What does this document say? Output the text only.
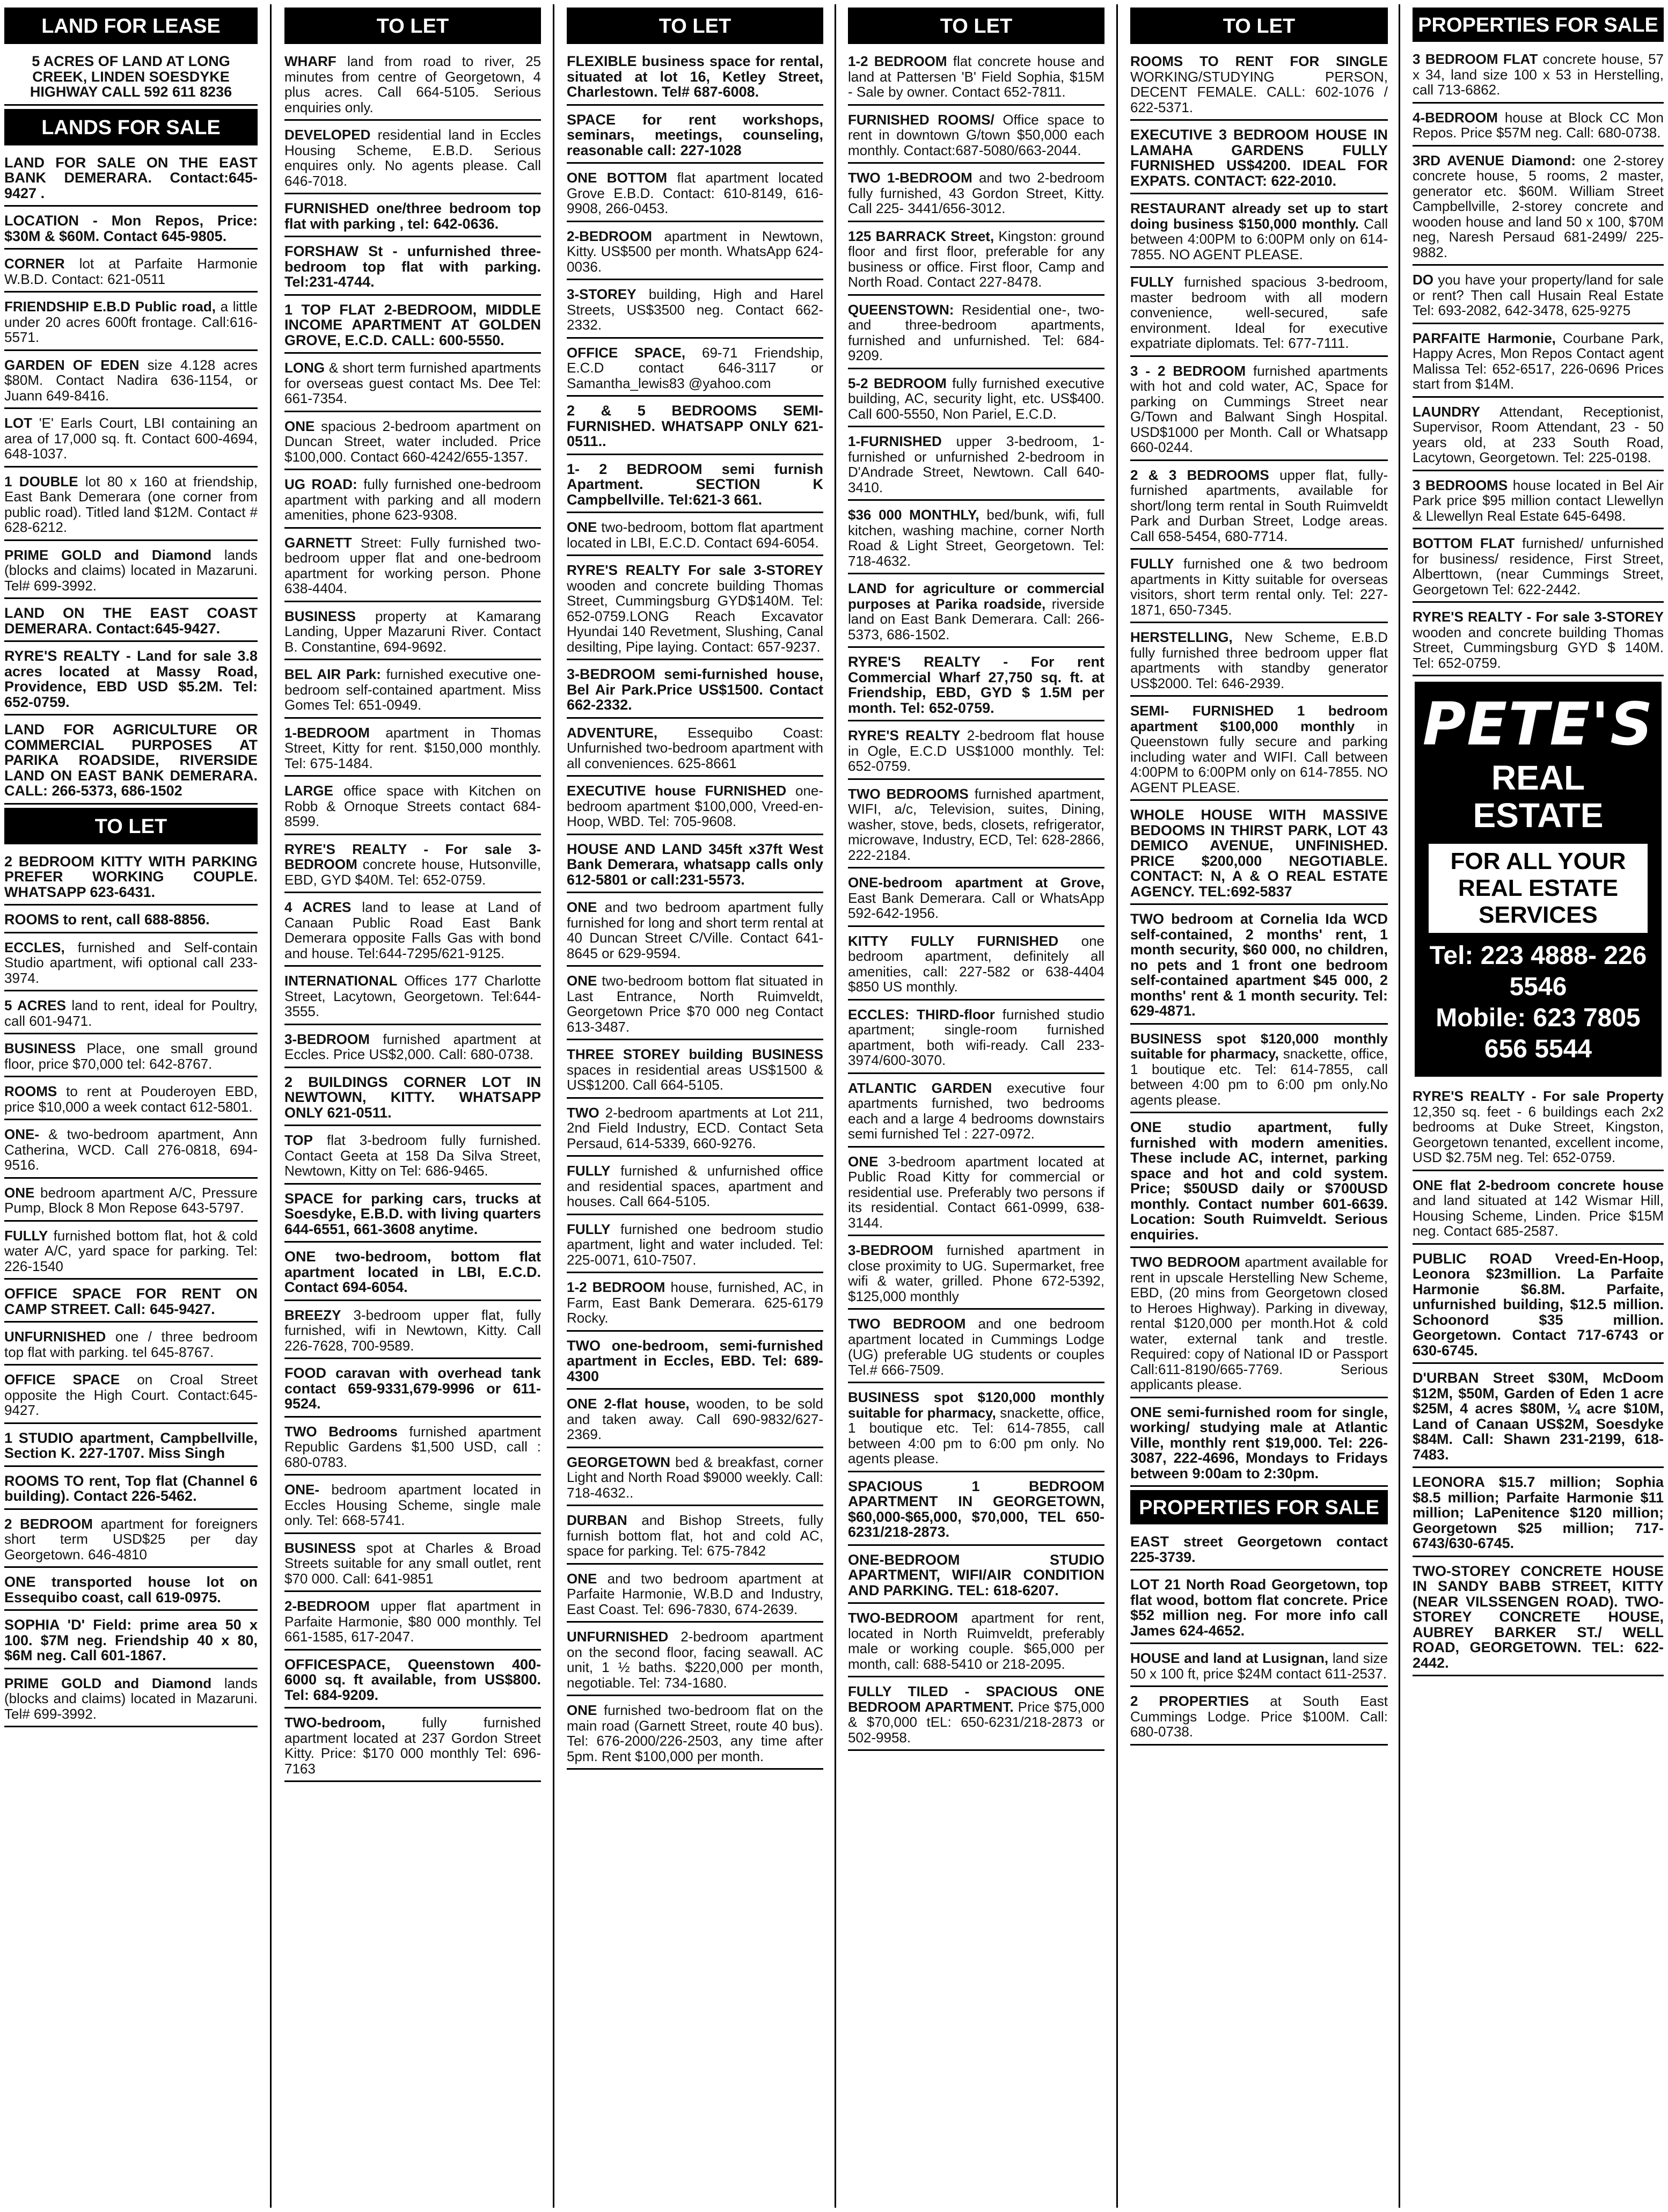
LAND FOR LEASE
5 ACRES OF LAND AT LONG CREEK, LINDEN SOESDYKE HIGHWAY CALL 592 611 8236
LANDS FOR SALE
LAND FOR SALE ON THE EAST BANK DEMERARA. Contact:645-9427 .
LOCATION - Mon Repos, Price: $30M & $60M. Contact 645-9805.
CORNER lot at Parfaite Harmonie W.B.D. Contact: 621-0511
FRIENDSHIP E.B.D Public road, a little under 20 acres 600ft frontage. Call:616-5571.
GARDEN OF EDEN size 4.128 acres $80M. Contact Nadira 636-1154, or Juann 649-8416.
LOT 'E' Earls Court, LBI containing an area of 17,000 sq. ft. Contact 600-4694, 648-1037.
1 DOUBLE lot 80 x 160 at friendship, East Bank Demerara (one corner from public road). Titled land $12M. Contact # 628-6212.
PRIME GOLD and Diamond lands (blocks and claims) located in Mazaruni. Tel# 699-3992.
LAND ON THE EAST COAST DEMERARA. Contact:645-9427.
RYRE'S REALTY - Land for sale 3.8 acres located at Massy Road, Providence, EBD USD $5.2M. Tel: 652-0759.
LAND FOR AGRICULTURE OR COMMERCIAL PURPOSES AT PARIKA ROADSIDE, RIVERSIDE LAND ON EAST BANK DEMERARA. CALL: 266-5373, 686-1502
TO LET
2 BEDROOM KITTY WITH PARKING PREFER WORKING COUPLE. WHATSAPP 623-6431.
ROOMS to rent, call 688-8856.
ECCLES, furnished and Self-contain Studio apartment, wifi optional call 233-3974.
5 ACRES land to rent, ideal for Poultry, call 601-9471.
BUSINESS Place, one small ground floor, price $70,000 tel: 642-8767.
ROOMS to rent at Pouderoyen EBD, price $10,000 a week contact 612-5801.
ONE- & two-bedroom apartment, Ann Catherina, WCD. Call 276-0818, 694-9516.
ONE bedroom apartment A/C, Pressure Pump, Block 8 Mon Repose 643-5797.
FULLY furnished bottom flat, hot & cold water A/C, yard space for parking. Tel: 226-1540
OFFICE SPACE FOR RENT ON CAMP STREET. Call: 645-9427.
UNFURNISHED one / three bedroom top flat with parking. tel 645-8767.
OFFICE SPACE on Croal Street opposite the High Court. Contact:645-9427.
1 STUDIO apartment, Campbellville, Section K. 227-1707. Miss Singh
ROOMS TO rent, Top flat (Channel 6 building). Contact 226-5462.
2 BEDROOM apartment for foreigners short term USD$25 per day Georgetown. 646-4810
ONE transported house lot on Essequibo coast, call 619-0975.
SOPHIA 'D' Field: prime area 50 x 100. $7M neg. Friendship 40 x 80, $6M neg. Call 601-1867.
PRIME GOLD and Diamond lands (blocks and claims) located in Mazaruni. Tel# 699-3992.
TO LET
WHARF land from road to river, 25 minutes from centre of Georgetown, 4 plus acres. Call 664-5105. Serious enquiries only.
DEVELOPED residential land in Eccles Housing Scheme, E.B.D. Serious enquires only. No agents please. Call 646-7018.
FURNISHED one/three bedroom top flat with parking , tel: 642-0636.
FORSHAW St - unfurnished three-bedroom top flat with parking. Tel:231-4744.
1 TOP FLAT 2-BEDROOM, MIDDLE INCOME APARTMENT AT GOLDEN GROVE, E.C.D. CALL: 600-5550.
LONG & short term furnished apartments for overseas guest contact Ms. Dee Tel: 661-7354.
ONE spacious 2-bedroom apartment on Duncan Street, water included. Price $100,000. Contact 660-4242/655-1357.
UG ROAD: fully furnished one-bedroom apartment with parking and all modern amenities, phone 623-9308.
GARNETT Street: Fully furnished two-bedroom upper flat and one-bedroom apartment for working person. Phone 638-4404.
BUSINESS property at Kamarang Landing, Upper Mazaruni River. Contact B. Constantine, 694-9692.
BEL AIR Park: furnished executive one-bedroom self-contained apartment. Miss Gomes Tel: 651-0949.
1-BEDROOM apartment in Thomas Street, Kitty for rent. $150,000 monthly. Tel: 675-1484.
LARGE office space with Kitchen on Robb & Ornoque Streets contact 684-8599.
RYRE'S REALTY - For sale 3-BEDROOM concrete house, Hutsonville, EBD, GYD $40M. Tel: 652-0759.
4 ACRES land to lease at Land of Canaan Public Road East Bank Demerara opposite Falls Gas with bond and house. Tel:644-7295/621-9125.
INTERNATIONAL Offices 177 Charlotte Street, Lacytown, Georgetown. Tel:644-3555.
3-BEDROOM furnished apartment at Eccles. Price US$2,000. Call: 680-0738.
2 BUILDINGS CORNER LOT IN NEWTOWN, KITTY. WHATSAPP ONLY 621-0511.
TOP flat 3-bedroom fully furnished. Contact Geeta at 158 Da Silva Street, Newtown, Kitty on Tel: 686-9465.
SPACE for parking cars, trucks at Soesdyke, E.B.D. with living quarters 644-6551, 661-3608 anytime.
ONE two-bedroom, bottom flat apartment located in LBI, E.C.D. Contact 694-6054.
BREEZY 3-bedroom upper flat, fully furnished, wifi in Newtown, Kitty. Call 226-7628, 700-9589.
FOOD caravan with overhead tank contact 659-9331,679-9996 or 611-9524.
TWO Bedrooms furnished apartment Republic Gardens $1,500 USD, call : 680-0783.
ONE- bedroom apartment located in Eccles Housing Scheme, single male only. Tel: 668-5741.
BUSINESS spot at Charles & Broad Streets suitable for any small outlet, rent $70 000. Call: 641-9851
2-BEDROOM upper flat apartment in Parfaite Harmonie, $80 000 monthly. Tel 661-1585, 617-2047.
OFFICESPACE, Queenstown 400-6000 sq. ft available, from US$800. Tel: 684-9209.
TWO-bedroom,	fully furnished apartment located at 237 Gordon Street Kitty. Price: $170 000 monthly Tel: 696-7163
TO LET
FLEXIBLE business space for rental, situated at lot 16, Ketley Street, Charlestown. Tel# 687-6008.
SPACE for rent workshops, seminars, meetings, counseling, reasonable call: 227-1028
ONE BOTTOM flat apartment located Grove E.B.D. Contact: 610-8149, 616-9908, 266-0453.
2-BEDROOM apartment in Newtown, Kitty. US$500 per month. WhatsApp 624-0036.
3-STOREY building, High and Harel Streets, US$3500 neg. Contact 662-2332.
OFFICE SPACE, 69-71 Friendship, E.C.D contact 646-3117 or Samantha_lewis83 @yahoo.com
2 & 5 BEDROOMS SEMI-FURNISHED. WHATSAPP ONLY 621-0511..
1- 2 BEDROOM semi furnish Apartment. SECTION K Campbellville. Tel:621-3 661.
ONE two-bedroom, bottom flat apartment located in LBI, E.C.D. Contact 694-6054.
RYRE'S REALTY For sale 3-STOREY wooden and concrete building Thomas Street, Cummingsburg GYD$140M. Tel: 652-0759.LONG Reach Excavator Hyundai 140 Revetment, Slushing, Canal desilting, Pipe laying. Contact: 657-9237.
3-BEDROOM semi-furnished house, Bel Air Park.Price US$1500. Contact 662-2332.
ADVENTURE, Essequibo Coast: Unfurnished two-bedroom apartment with all conveniences. 625-8661
EXECUTIVE house FURNISHED one-bedroom apartment $100,000, Vreed-en-Hoop, WBD. Tel: 705-9608.
HOUSE AND LAND 345ft x37ft West Bank Demerara, whatsapp calls only 612-5801 or call:231-5573.
ONE and two bedroom apartment fully furnished for long and short term rental at 40 Duncan Street C/Ville. Contact 641-8645 or 629-9594.
ONE two-bedroom bottom flat situated in Last Entrance, North Ruimveldt, Georgetown Price $70 000 neg Contact 613-3487.
THREE STOREY building BUSINESS spaces in residential areas US$1500 & US$1200. Call 664-5105.
TWO 2-bedroom apartments at Lot 211, 2nd Field Industry, ECD. Contact Seta Persaud, 614-5339, 660-9276.
FULLY furnished & unfurnished office and residential spaces, apartment and houses. Call 664-5105.
FULLY furnished one bedroom studio apartment, light and water included. Tel: 225-0071, 610-7507.
1-2 BEDROOM house, furnished, AC, in Farm, East Bank Demerara. 625-6179 Rocky.
TWO one-bedroom, semi-furnished apartment in Eccles, EBD. Tel: 689-4300
ONE 2-flat house, wooden, to be sold and taken away. Call 690-9832/627-2369.
GEORGETOWN bed & breakfast, corner Light and North Road $9000 weekly. Call: 718-4632..
DURBAN and Bishop Streets, fully furnish bottom flat, hot and cold AC, space for parking. Tel: 675-7842
ONE and two bedroom apartment at Parfaite Harmonie, W.B.D and Industry, East Coast. Tel: 696-7830, 674-2639.
UNFURNISHED 2-bedroom apartment on the second floor, facing seawall. AC unit, 1 ½ baths. $220,000 per month, negotiable. Tel: 734-1680.
ONE furnished two-bedroom flat on the main road (Garnett Street, route 40 bus). Tel: 676-2000/226-2503, any time after 5pm. Rent $100,000 per month.
TO LET
1-2 BEDROOM flat concrete house and land at Pattersen 'B' Field Sophia, $15M - Sale by owner. Contact 652-7811.
FURNISHED ROOMS/ Office space to rent in downtown G/town $50,000 each monthly. Contact:687-5080/663-2044.
TWO 1-BEDROOM and two 2-bedroom fully furnished, 43 Gordon Street, Kitty. Call 225- 3441/656-3012.
125 BARRACK Street, Kingston: ground floor and first floor, preferable for any business or office. First floor, Camp and North Road. Contact 227-8478.
QUEENSTOWN: Residential one-, two- and three-bedroom apartments, furnished and unfurnished. Tel: 684-9209.
5-2 BEDROOM fully furnished executive building, AC, security light, etc. US$400. Call 600-5550, Non Pariel, E.C.D.
1-FURNISHED upper 3-bedroom, 1-furnished or unfurnished 2-bedroom in D'Andrade Street, Newtown. Call 640-3410.
$36 000 MONTHLY, bed/bunk, wifi, full kitchen, washing machine, corner North Road & Light Street, Georgetown. Tel: 718-4632.
LAND for agriculture or commercial purposes at Parika roadside, riverside land on East Bank Demerara. Call: 266-5373, 686-1502.
RYRE'S REALTY - For rent Commercial Wharf 27,750 sq. ft. at Friendship, EBD, GYD $ 1.5M per month. Tel: 652-0759.
RYRE'S REALTY 2-bedroom flat house in Ogle, E.C.D US$1000 monthly. Tel: 652-0759.
TWO BEDROOMS furnished apartment, WIFI, a/c, Television, suites, Dining, washer, stove, beds, closets, refrigerator, microwave, Industry, ECD, Tel: 628-2866, 222-2184.
ONE-bedroom apartment at Grove, East Bank Demerara. Call or WhatsApp 592-642-1956.
KITTY FULLY FURNISHED one bedroom apartment, definitely all amenities, call: 227-582 or 638-4404 $850 US monthly.
ECCLES: THIRD-floor furnished studio apartment; single-room furnished apartment, both wifi-ready. Call 233-3974/600-3070.
ATLANTIC GARDEN executive four apartments furnished, two bedrooms each and a large 4 bedrooms downstairs semi furnished Tel : 227-0972.
ONE 3-bedroom apartment located at Public Road Kitty for commercial or residential use. Preferably two persons if its residential. Contact 661-0999, 638-3144.
3-BEDROOM furnished apartment in close proximity to UG. Supermarket, free wifi & water, grilled. Phone 672-5392, $125,000 monthly
TWO BEDROOM and one bedroom apartment located in Cummings Lodge (UG) preferable UG students or couples Tel.# 666-7509.
BUSINESS spot $120,000 monthly suitable for pharmacy, snackette, office, 1 boutique etc. Tel: 614-7855, call between 4:00 pm to 6:00 pm only. No agents please.
SPACIOUS 1 BEDROOM APARTMENT IN GEORGETOWN, $60,000-$65,000, $70,000, TEL 650-6231/218-2873.
ONE-BEDROOM STUDIO APARTMENT, WIFI/AIR CONDITION AND PARKING. TEL: 618-6207.
TWO-BEDROOM apartment for rent, located in North Ruimveldt, preferably male or working couple. $65,000 per month, call: 688-5410 or 218-2095.
FULLY TILED - SPACIOUS ONE BEDROOM APARTMENT. Price $75,000 & $70,000 tEL: 650-6231/218-2873 or 502-9958.
TO LET
ROOMS TO RENT FOR SINGLE WORKING/STUDYING PERSON, DECENT FEMALE. CALL: 602-1076 / 622-5371.
EXECUTIVE 3 BEDROOM HOUSE IN LAMAHA GARDENS FULLY FURNISHED US$4200. IDEAL FOR EXPATS. CONTACT: 622-2010.
RESTAURANT already set up to start doing business $150,000 monthly. Call between 4:00PM to 6:00PM only on 614-7855. NO AGENT PLEASE.
FULLY furnished spacious 3-bedroom, master bedroom with all modern convenience, well-secured, safe environment. Ideal for executive expatriate diplomats. Tel: 677-7111.
3 - 2 BEDROOM furnished apartments with hot and cold water, AC, Space for parking on Cummings Street near G/Town and Balwant Singh Hospital. USD$1000 per Month. Call or Whatsapp 660-0244.
2 & 3 BEDROOMS upper flat, fully-furnished apartments, available for short/long term rental in South Ruimveldt Park and Durban Street, Lodge areas. Call 658-5454, 680-7714.
FULLY furnished one & two bedroom apartments in Kitty suitable for overseas visitors, short term rental only. Tel: 227-1871, 650-7345.
HERSTELLING, New Scheme, E.B.D fully furnished three bedroom upper flat apartments with standby generator US$2000. Tel: 646-2939.
SEMI- FURNISHED 1 bedroom apartment $100,000 monthly in Queenstown fully secure and parking including water and WIFI. Call between 4:00PM to 6:00PM only on 614-7855. NO AGENT PLEASE.
WHOLE HOUSE WITH MASSIVE BEDOOMS IN THIRST PARK, LOT 43 DEMICO AVENUE, UNFINISHED. PRICE $200,000 NEGOTIABLE. CONTACT: N, A & O REAL ESTATE AGENCY. TEL:692-5837
TWO bedroom at Cornelia Ida WCD self-contained, 2 months' rent, 1 month security, $60 000, no children, no pets and 1 front one bedroom self-contained apartment $45 000, 2 months' rent & 1 month security. Tel: 629-4871.
BUSINESS spot $120,000 monthly suitable for pharmacy, snackette, office, 1 boutique etc. Tel: 614-7855, call between 4:00 pm to 6:00 pm only.No agents please.
ONE studio apartment, fully furnished with modern amenities. These include AC, internet, parking space and hot and cold system. Price; $50USD daily or $700USD monthly. Contact number 601-6639. Location: South Ruimveldt. Serious enquiries.
TWO BEDROOM apartment available for rent in upscale Herstelling New Scheme, EBD, (20 mins from Georgetown closed to Heroes Highway). Parking in diveway, rental $120,000 per month.Hot & cold water, external tank and trestle. Required: copy of National ID or Passport Call:611-8190/665-7769. Serious applicants please.
ONE semi-furnished room for single, working/ studying male at Atlantic Ville, monthly rent $19,000. Tel: 226-3087, 222-4696, Mondays to Fridays between 9:00am to 2:30pm.
PROPERTIES FOR SALE
EAST street Georgetown contact 225-3739.
LOT 21 North Road Georgetown, top flat wood, bottom flat concrete. Price $52 million neg. For more info call James 624-4652.
HOUSE and land at Lusignan, land size 50 x 100 ft, price $24M contact 611-2537.
2 PROPERTIES at South East Cummings Lodge. Price $100M. Call: 680-0738.
PROPERTIES FOR SALE
3 BEDROOM FLAT concrete house, 57 x 34, land size 100 x 53 in Herstelling, call 713-6862.
4-BEDROOM house at Block CC Mon Repos. Price $57M neg. Call: 680-0738.
3RD AVENUE Diamond: one 2-storey concrete house, 5 rooms, 2 master, generator etc. $60M. William Street Campbellville, 2-storey concrete and wooden house and land 50 x 100, $70M neg, Naresh Persaud 681-2499/ 225-9882.
DO you have your property/land for sale or rent? Then call Husain Real Estate Tel: 693-2082, 642-3478, 625-9275
PARFAITE Harmonie, Courbane Park, Happy Acres, Mon Repos Contact agent Malissa Tel: 652-6517, 226-0696 Prices start from $14M.
LAUNDRY Attendant, Receptionist, Supervisor, Room Attendant, 23 - 50 years old, at 233 South Road, Lacytown, Georgetown. Tel: 225-0198.
3 BEDROOMS house located in Bel Air Park price $95 million contact Llewellyn & Llewellyn Real Estate 645-6498.
BOTTOM FLAT furnished/ unfurnished for business/ residence, First Street, Alberttown, (near Cummings Street, Georgetown Tel: 622-2442.
RYRE'S REALTY - For sale 3-STOREY wooden and concrete building Thomas Street, Cummingsburg GYD $ 140M. Tel: 652-0759.
PETE'S
REAL ESTATE
FOR ALL YOUR REAL ESTATE SERVICES
Tel: 223 4888- 226 5546
Mobile: 623 7805 656 5544
RYRE'S REALTY - For sale Property 12,350 sq. feet - 6 buildings each 2x2 bedrooms at Duke Street, Kingston, Georgetown tenanted, excellent income, USD $2.75M neg. Tel: 652-0759.
ONE flat 2-bedroom concrete house and land situated at 142 Wismar Hill, Housing Scheme, Linden. Price $15M neg. Contact 685-2587.
PUBLIC ROAD Vreed-En-Hoop, Leonora $23million. La Parfaite Harmonie $6.8M. Parfaite, unfurnished building, $12.5 million. Schoonord $35 million. Georgetown. Contact 717-6743 or 630-6745.
D'URBAN Street $30M, McDoom $12M, $50M, Garden of Eden 1 acre $25M, 4 acres $80M, ¼ acre $10M, Land of Canaan US$2M, Soesdyke $84M. Call: Shawn 231-2199, 618-7483.
LEONORA $15.7 million; Sophia $8.5 million; Parfaite Harmonie $11 million; LaPenitence $120 million; Georgetown $25 million; 717-6743/630-6745.
TWO-STOREY CONCRETE HOUSE IN SANDY BABB STREET, KITTY (NEAR VILSSENGEN ROAD). TWO-STOREY CONCRETE HOUSE, AUBREY BARKER ST./ WELL ROAD, GEORGETOWN. TEL: 622-2442.
